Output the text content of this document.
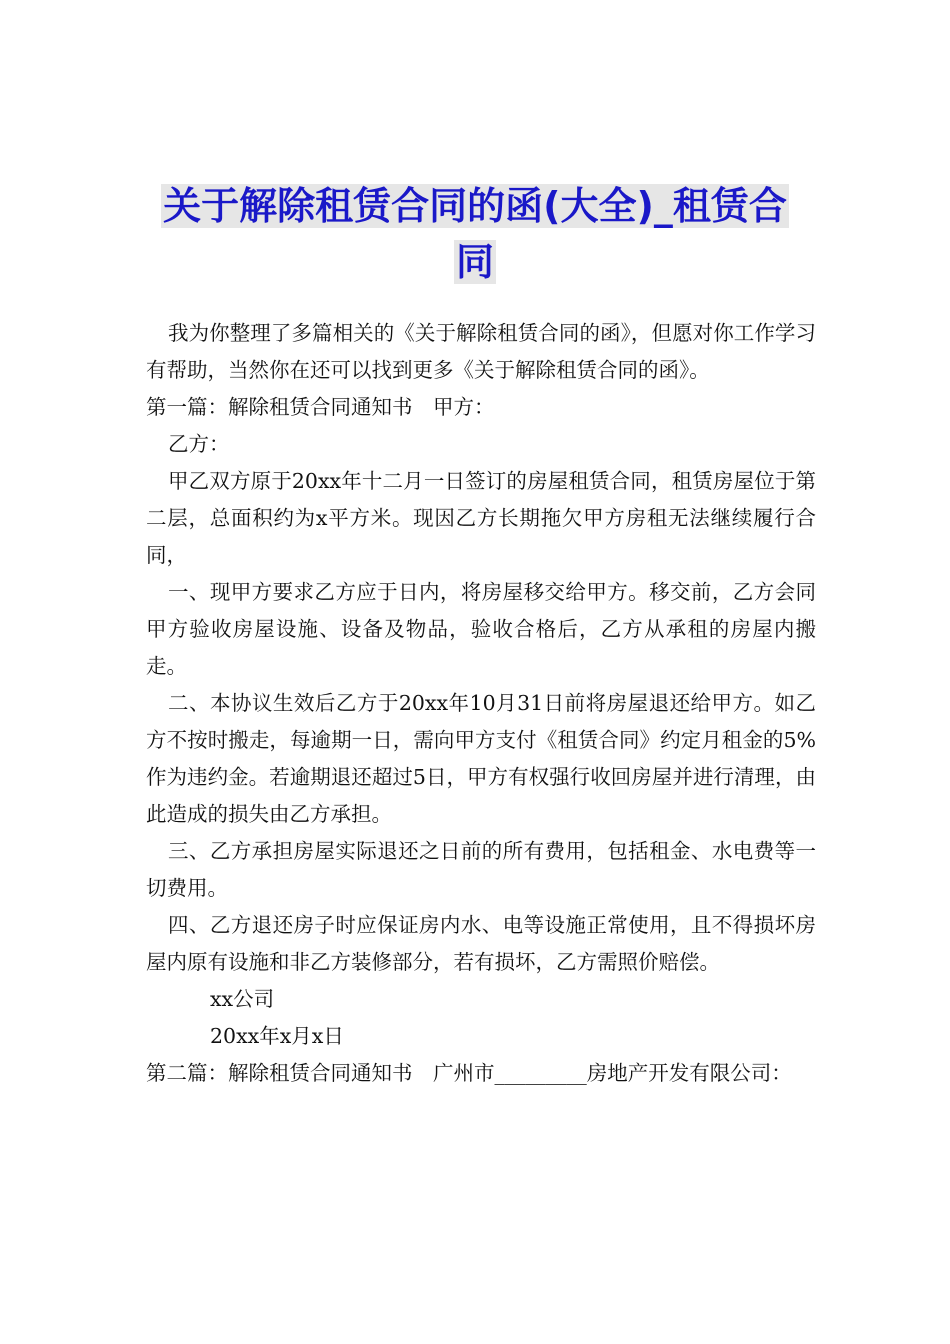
关于解除租赁合同的函(大全)_租赁合
同

我为你整理了多篇相关的《关于解除租赁合同的函》，但愿对你工作学习有帮助，当然你在还可以找到更多《关于解除租赁合同的函》。

第一篇：解除租赁合同通知书　甲方：

乙方：

甲乙双方原于20xx年十二月一日签订的房屋租赁合同，租赁房屋位于第二层，总面积约为x平方米。现因乙方长期拖欠甲方房租无法继续履行合同，

一、现甲方要求乙方应于日内，将房屋移交给甲方。移交前，乙方会同甲方验收房屋设施、设备及物品，验收合格后，乙方从承租的房屋内搬走。

二、本协议生效后乙方于20xx年10月31日前将房屋退还给甲方。如乙方不按时搬走，每逾期一日，需向甲方支付《租赁合同》约定月租金的5%作为违约金。若逾期退还超过5日，甲方有权强行收回房屋并进行清理，由此造成的损失由乙方承担。

三、乙方承担房屋实际退还之日前的所有费用，包括租金、水电费等一切费用。

四、乙方退还房子时应保证房内水、电等设施正常使用，且不得损坏房屋内原有设施和非乙方装修部分，若有损坏，乙方需照价赔偿。

xx公司

20xx年x月x日

第二篇：解除租赁合同通知书　广州市_________房地产开发有限公司：
